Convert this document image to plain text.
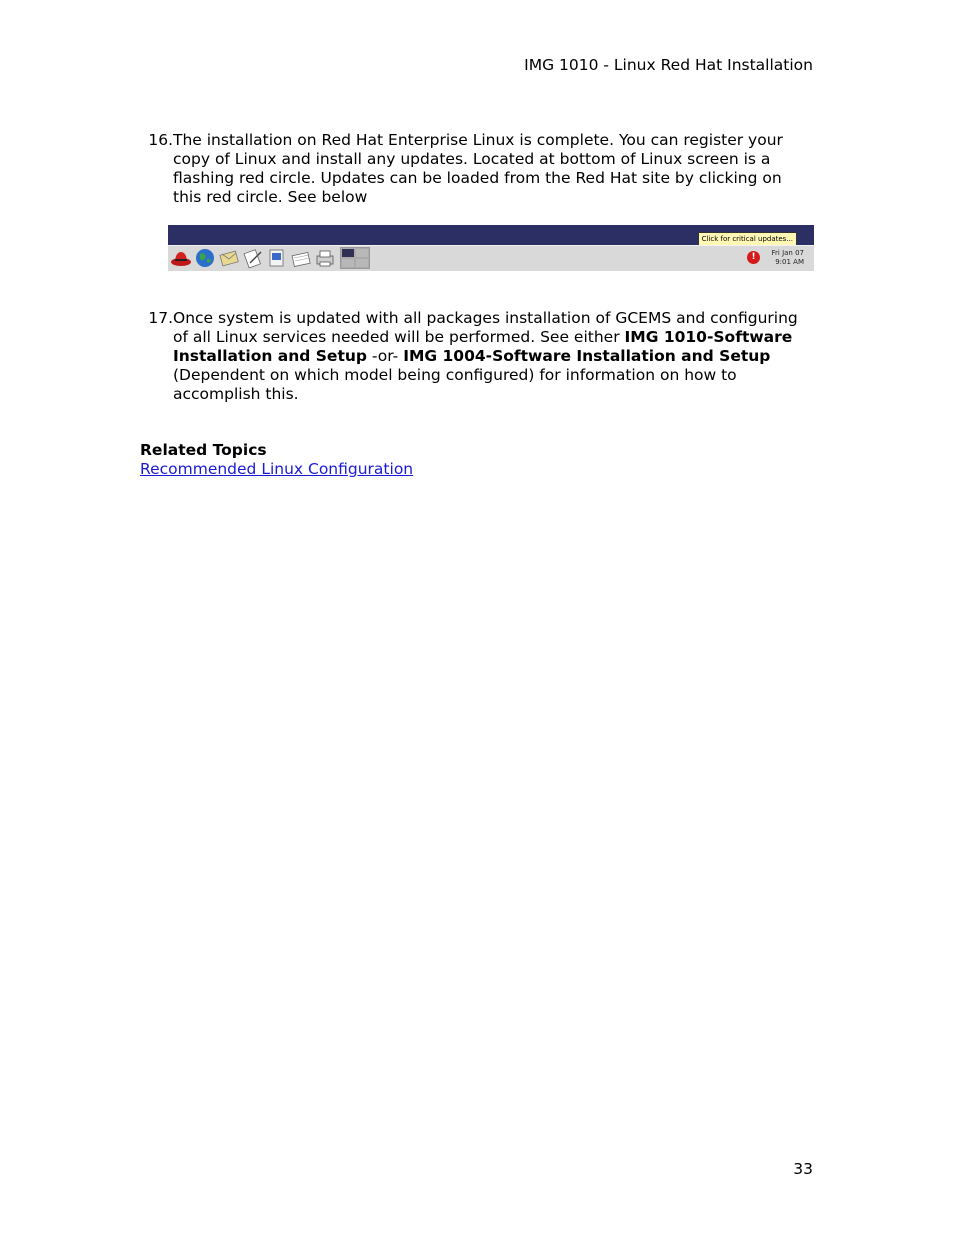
IMG 1010 - Linux Red Hat Installation
16. The installation on Red Hat Enterprise Linux is complete. You can register your copy of Linux and install any updates. Located at bottom of Linux screen is a flashing red circle. Updates can be loaded from the Red Hat site by clicking on this red circle. See below
Click for critical updates...
!	Fri Jan 07
9:01 AM
17. Once system is updated with all packages installation of GCEMS and configuring of all Linux services needed will be performed. See either IMG 1010-Software Installation and Setup -or- IMG 1004-Software Installation and Setup (Dependent on which model being configured) for information on how to accomplish this.
Related Topics
Recommended Linux Configuration
33
